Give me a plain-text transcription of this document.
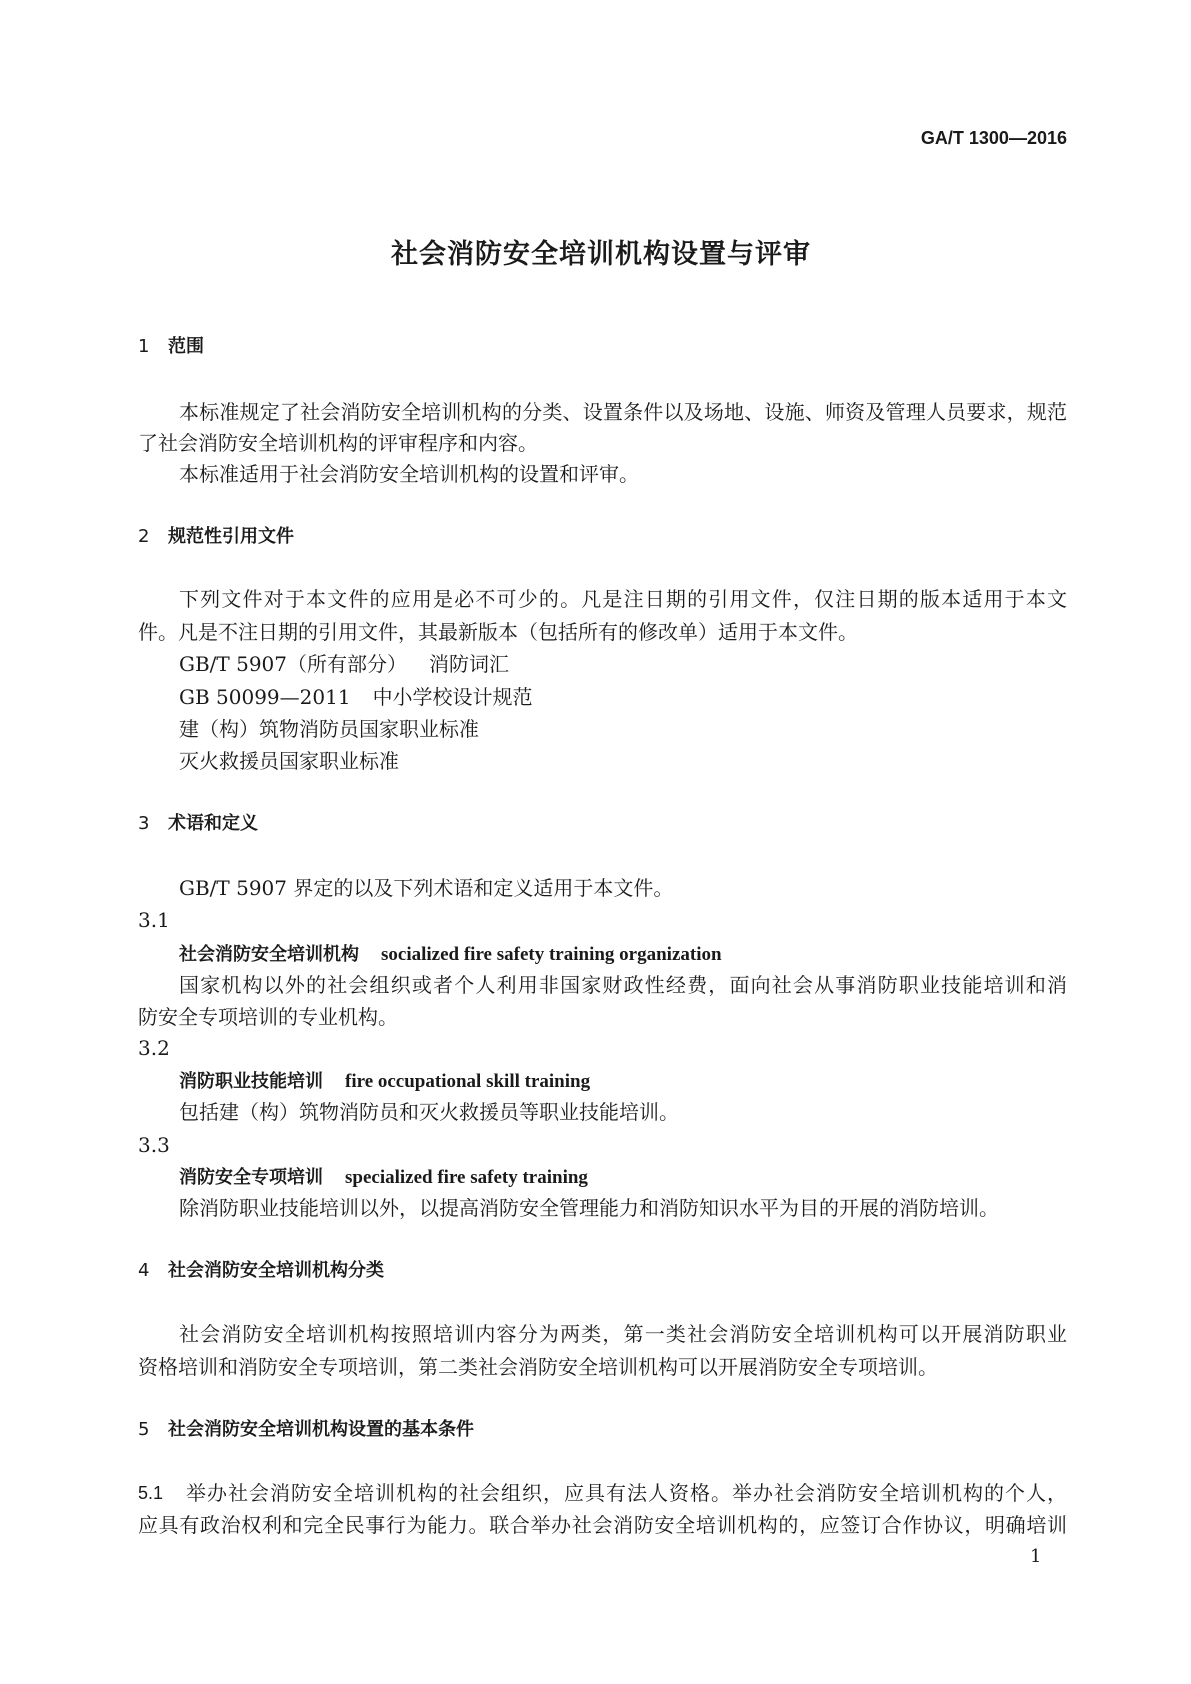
GA/T 1300—2016
社会消防安全培训机构设置与评审
1 范围
本标准规定了社会消防安全培训机构的分类、设置条件以及场地、设施、师资及管理人员要求，规范
了社会消防安全培训机构的评审程序和内容。
本标准适用于社会消防安全培训机构的设置和评审。
2 规范性引用文件
下列文件对于本文件的应用是必不可少的。凡是注日期的引用文件，仅注日期的版本适用于本文
件。凡是不注日期的引用文件，其最新版本（包括所有的修改单）适用于本文件。
GB/T 5907（所有部分） 消防词汇
GB 50099—2011 中小学校设计规范
建（构）筑物消防员国家职业标准
灭火救援员国家职业标准
3 术语和定义
GB/T 5907 界定的以及下列术语和定义适用于本文件。
3.1
社会消防安全培训机构 socialized fire safety training organization
国家机构以外的社会组织或者个人利用非国家财政性经费，面向社会从事消防职业技能培训和消
防安全专项培训的专业机构。
3.2
消防职业技能培训 fire occupational skill training
包括建（构）筑物消防员和灭火救援员等职业技能培训。
3.3
消防安全专项培训 specialized fire safety training
除消防职业技能培训以外，以提高消防安全管理能力和消防知识水平为目的开展的消防培训。
4 社会消防安全培训机构分类
社会消防安全培训机构按照培训内容分为两类，第一类社会消防安全培训机构可以开展消防职业
资格培训和消防安全专项培训，第二类社会消防安全培训机构可以开展消防安全专项培训。
5 社会消防安全培训机构设置的基本条件
5.1 举办社会消防安全培训机构的社会组织，应具有法人资格。举办社会消防安全培训机构的个人，
应具有政治权利和完全民事行为能力。联合举办社会消防安全培训机构的，应签订合作协议，明确培训
1
